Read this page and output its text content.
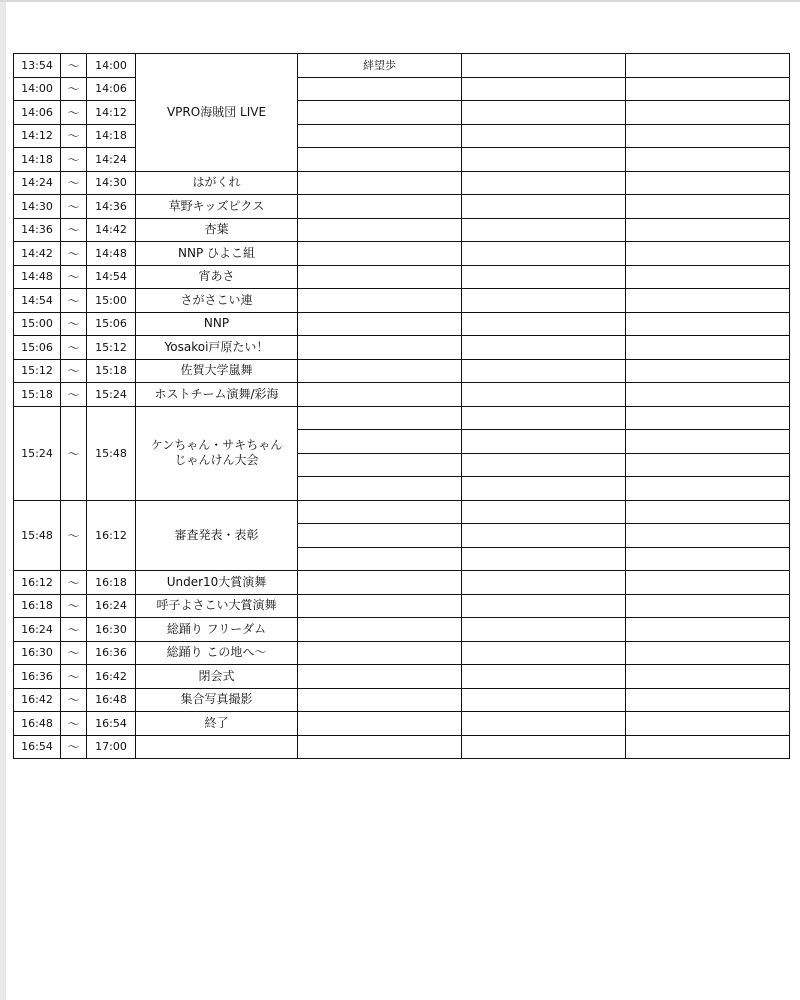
13:54	〜	14:00	VPRO海賊団 LIVE	絆望歩		
14:00	〜	14:06				
14:06	〜	14:12				
14:12	〜	14:18				
14:18	〜	14:24				
14:24	〜	14:30	はがくれ			
14:30	〜	14:36	草野キッズピクス			
14:36	〜	14:42	杏葉			
14:42	〜	14:48	NNP ひよこ組			
14:48	〜	14:54	宵あさ			
14:54	〜	15:00	さがさこい連			
15:00	〜	15:06	NNP			
15:06	〜	15:12	Yosakoi戸原たい！			
15:12	〜	15:18	佐賀大学嵐舞			
15:18	〜	15:24	ホストチーム演舞/彩海			
15:24	〜	15:48	ケンちゃん・サキちゃん
じゃんけん大会			

15:48	〜	16:12	審査発表・表彰			

16:12	〜	16:18	Under10大賞演舞			
16:18	〜	16:24	呼子よさこい大賞演舞			
16:24	〜	16:30	総踊り フリーダム			
16:30	〜	16:36	総踊り この地へ〜			
16:36	〜	16:42	閉会式			
16:42	〜	16:48	集合写真撮影			
16:48	〜	16:54	終了			
16:54	〜	17:00				
